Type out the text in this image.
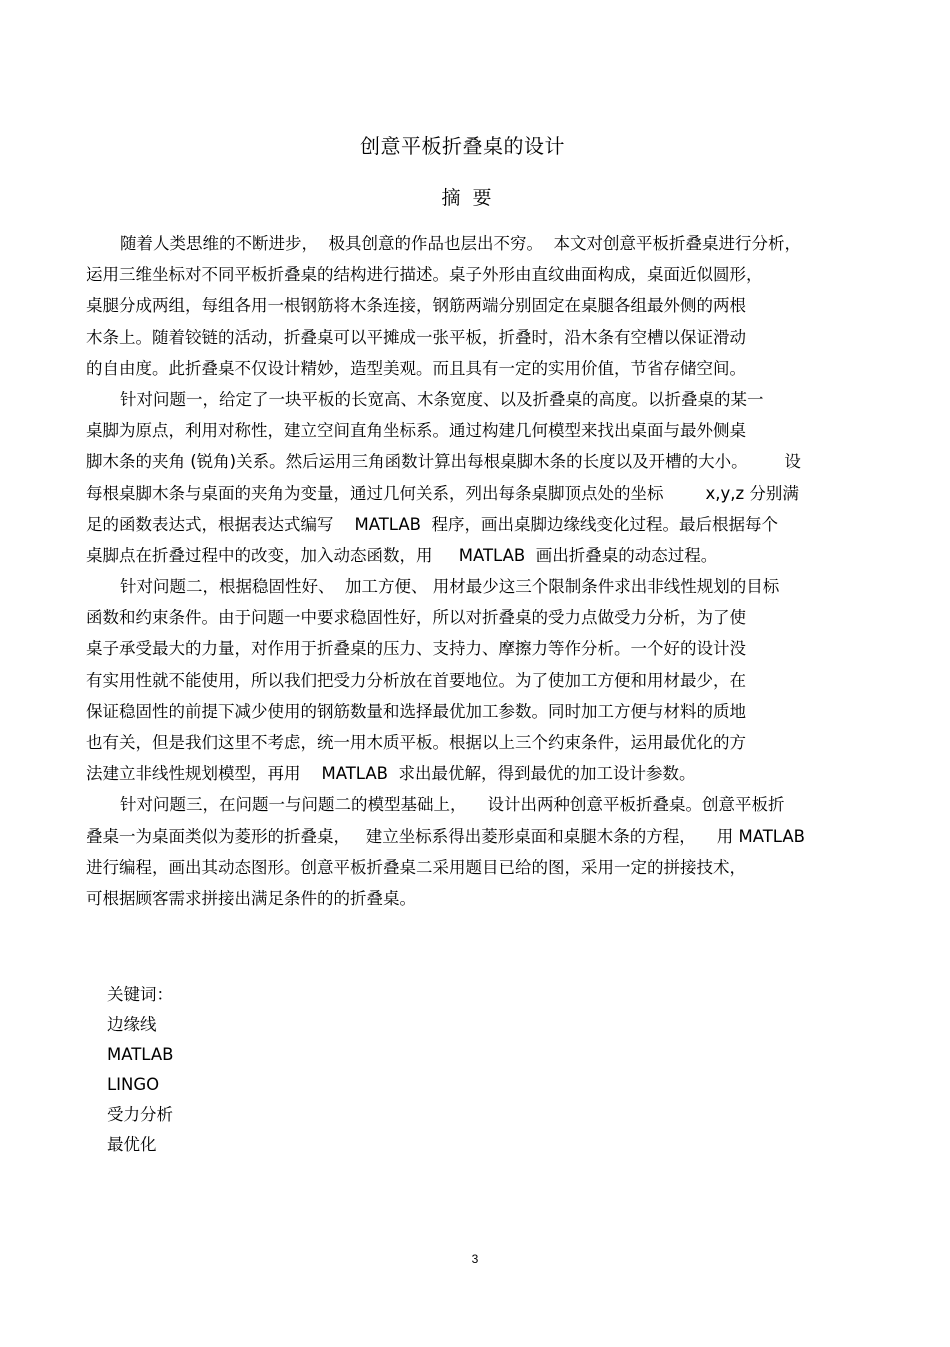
创意平板折叠桌的设计
摘要
随着人类思维的不断进步，  极具创意的作品也层出不穷。  本文对创意平板折叠桌进行分析，
运用三维坐标对不同平板折叠桌的结构进行描述。桌子外形由直纹曲面构成，桌面近似圆形，
桌腿分成两组，每组各用一根钢筋将木条连接，钢筋两端分别固定在桌腿各组最外侧的两根
木条上。随着铰链的活动，折叠桌可以平摊成一张平板，折叠时，沿木条有空槽以保证滑动
的自由度。此折叠桌不仅设计精妙，造型美观。而且具有一定的实用价值，节省存储空间。
针对问题一，给定了一块平板的长宽高、木条宽度、以及折叠桌的高度。以折叠桌的某一
桌脚为原点，利用对称性，建立空间直角坐标系。通过构建几何模型来找出桌面与最外侧桌
脚木条的夹角 (锐角)关系。然后运用三角函数计算出每根桌脚木条的长度以及开槽的大小。       设
每根桌脚木条与桌面的夹角为变量，通过几何关系，列出每条桌脚顶点处的坐标        x,y,z 分别满
足的函数表达式，根据表达式编写    MATLAB  程序，画出桌脚边缘线变化过程。最后根据每个
桌脚点在折叠过程中的改变，加入动态函数，用     MATLAB  画出折叠桌的动态过程。
针对问题二，根据稳固性好、  加工方便、 用材最少这三个限制条件求出非线性规划的目标
函数和约束条件。由于问题一中要求稳固性好，所以对折叠桌的受力点做受力分析，为了使
桌子承受最大的力量，对作用于折叠桌的压力、支持力、摩擦力等作分析。一个好的设计没
有实用性就不能使用，所以我们把受力分析放在首要地位。为了使加工方便和用材最少，在
保证稳固性的前提下减少使用的钢筋数量和选择最优加工参数。同时加工方便与材料的质地
也有关，但是我们这里不考虑，统一用木质平板。根据以上三个约束条件，运用最优化的方
法建立非线性规划模型，再用    MATLAB  求出最优解，得到最优的加工设计参数。
针对问题三，在问题一与问题二的模型基础上，    设计出两种创意平板折叠桌。创意平板折
叠桌一为桌面类似为菱形的折叠桌，   建立坐标系得出菱形桌面和桌腿木条的方程，    用 MATLAB
进行编程，画出其动态图形。创意平板折叠桌二采用题目已给的图，采用一定的拼接技术，
可根据顾客需求拼接出满足条件的的折叠桌。

关键词：
边缘线
MATLAB
LINGO
受力分析
最优化

3
